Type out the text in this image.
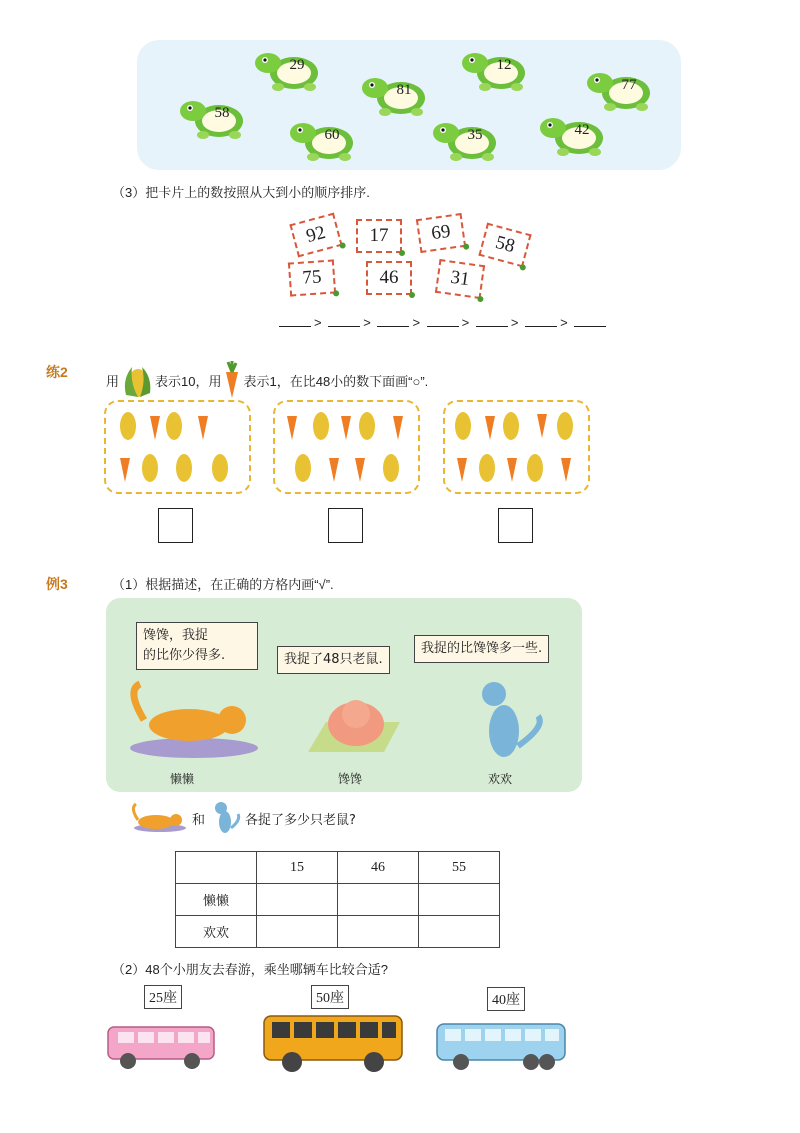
29
81
12
77
58
60	35	42
（3）把卡片上的数按照从大到小的顺序排序.
92	17	69	58
75	46	31
>	>	>	>	>	>
练2
用	表示10，用 表示1，在比48小的数下面画“○”.
例3	（1）根据描述，在正确的方格内画“√”.
馋馋，我捉
的比你少得多.	我捉了48只老鼠.
我捉的比馋馋多一些.
懒懒	馋馋	欢欢
和	各捉了多少只老鼠?
	15	46	55
懒懒			
欢欢			
（2）48个小朋友去春游，乘坐哪辆车比较合适?
25座	50座	40座
